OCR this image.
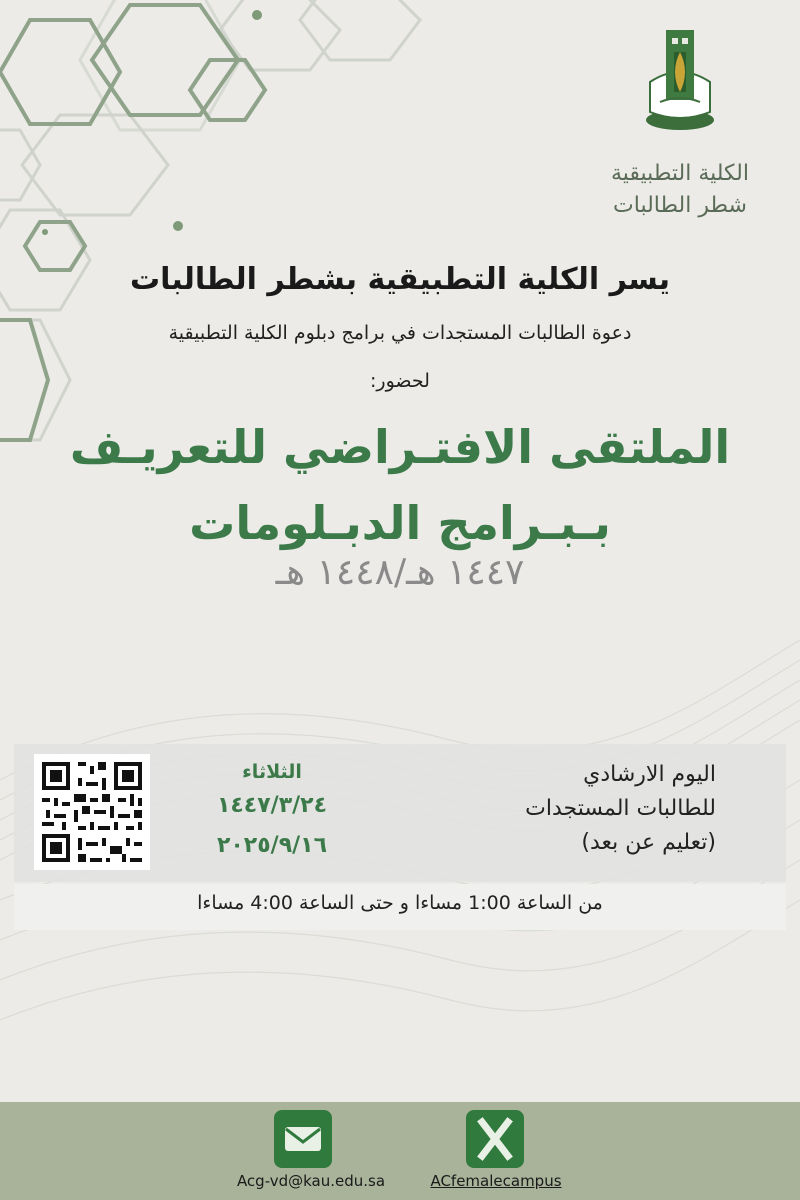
الكلية التطبيقية
شطر الطالبات
يسر الكلية التطبيقية بشطر الطالبات
دعوة الطالبات المستجدات في برامج دبلوم الكلية التطبيقية
لحضور:
الملتقى الافتـراضي للتعريـف
بـبـرامج الدبـلومات
١٤٤٧ هـ/١٤٤٨ هـ
الثلاثاء
١٤٤٧/٣/٢٤
٢٠٢٥/٩/١٦
اليوم الارشادي
للطالبات المستجدات
(تعليم عن بعد)
من الساعة 1:00 مساءا و حتى الساعة 4:00 مساءا
Acg-vd@kau.edu.sa	ACfemalecampus
